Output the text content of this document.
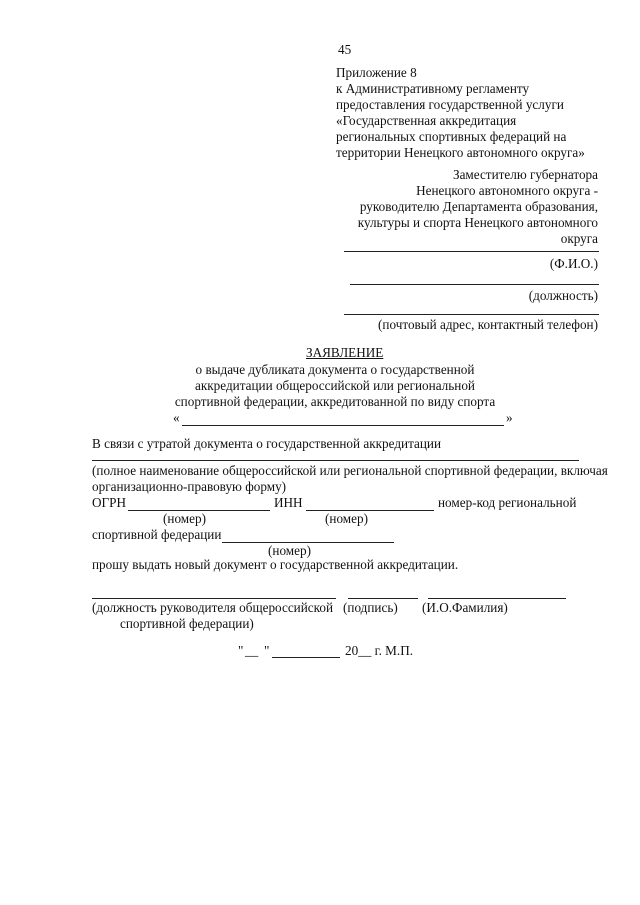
45
Приложение 8
к Административному регламенту
предоставления государственной услуги
«Государственная аккредитация
региональных спортивных федераций на
территории Ненецкого автономного округа»
Заместителю губернатора
Ненецкого автономного округа -
руководителю Департамента образования,
культуры и спорта Ненецкого автономного
округа
(Ф.И.О.)
(должность)
(почтовый адрес, контактный телефон)
ЗАЯВЛЕНИЕ
о выдаче дубликата документа о государственной
аккредитации общероссийской или региональной
спортивной федерации, аккредитованной по виду спорта
«	»
В связи с утратой документа о государственной аккредитации
(полное наименование общероссийской или региональной спортивной федерации, включая
организационно-правовую форму)
ОГРН	ИНН	номер-код региональной
(номер)	(номер)
спортивной федерации
(номер)
прошу выдать новый документ о государственной аккредитации.
(должность руководителя общероссийской (подпись) (И.О.Фамилия)
спортивной федерации)
" __ "	20__ г. М.П.
